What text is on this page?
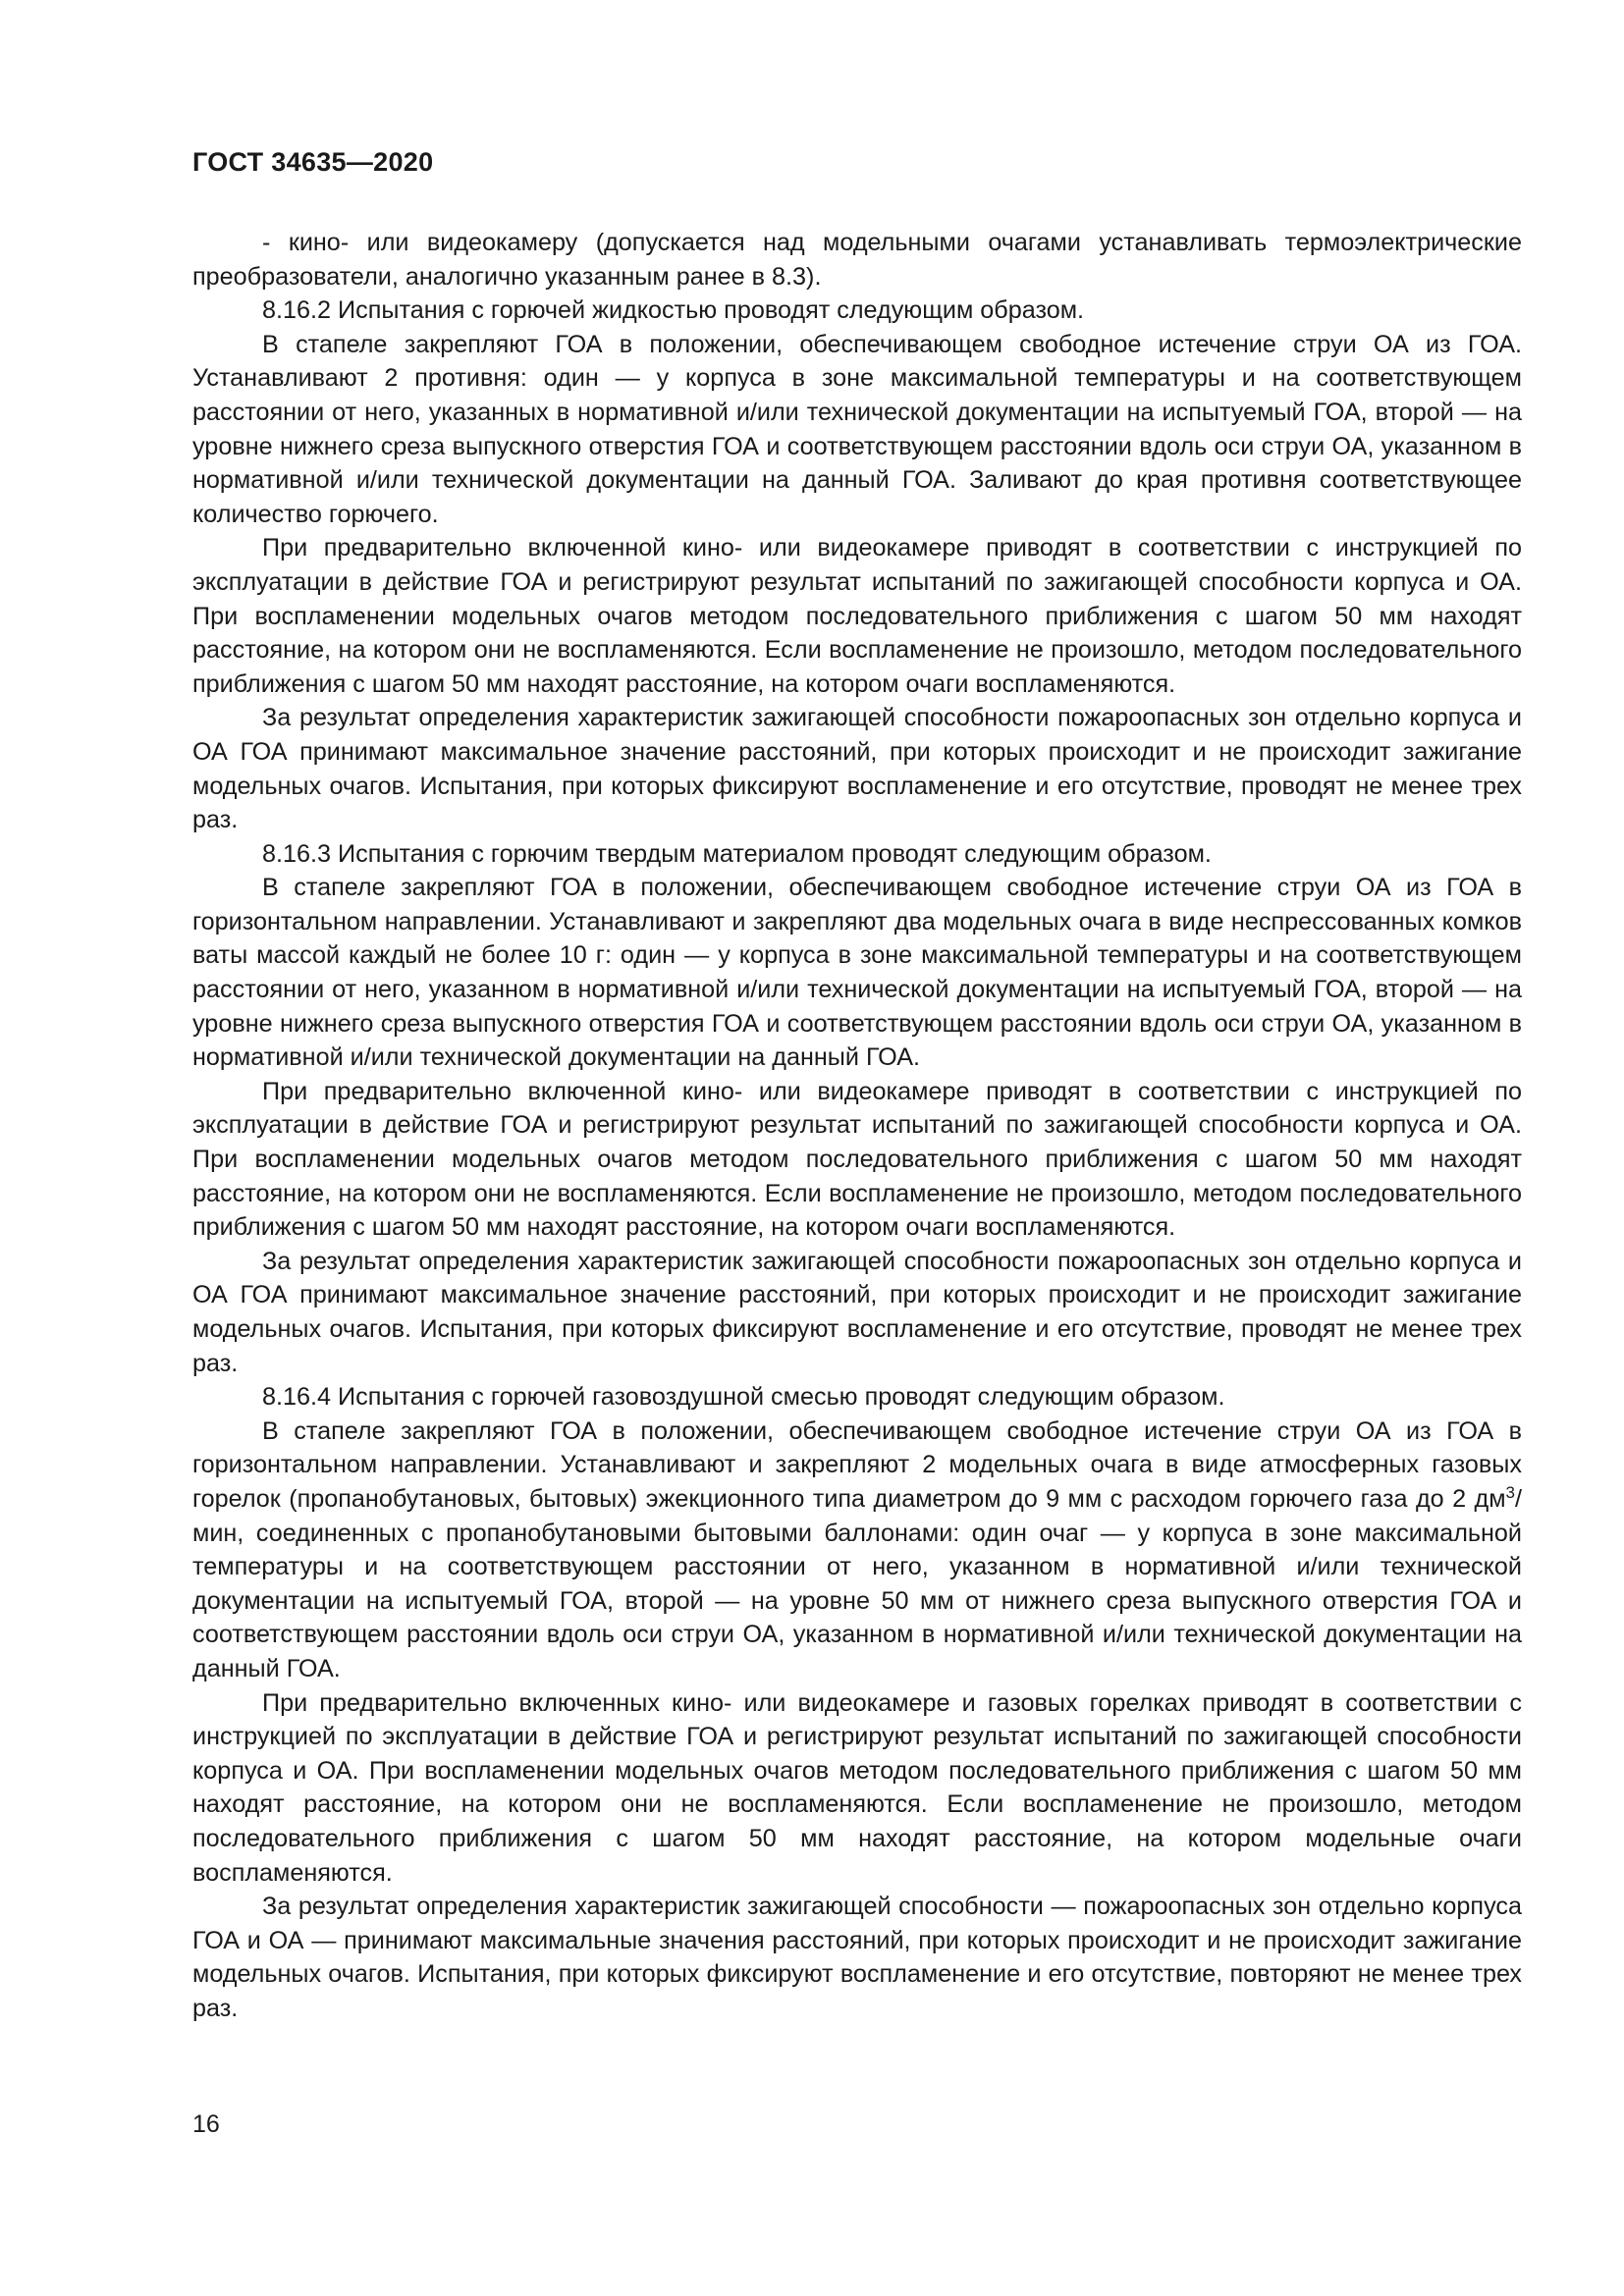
ГОСТ 34635—2020

- кино- или видеокамеру (допускается над модельными очагами устанавливать термоэлектрические преобразователи, аналогично указанным ранее в 8.3).

8.16.2 Испытания с горючей жидкостью проводят следующим образом.

В стапеле закрепляют ГОА в положении, обеспечивающем свободное истечение струи ОА из ГОА. Устанавливают 2 противня: один — у корпуса в зоне максимальной температуры и на соответствующем расстоянии от него, указанных в нормативной и/или технической документации на испытуемый ГОА, второй — на уровне нижнего среза выпускного отверстия ГОА и соответствующем расстоянии вдоль оси струи ОА, указанном в нормативной и/или технической документации на данный ГОА. Заливают до края противня соответствующее количество горючего.

При предварительно включенной кино- или видеокамере приводят в соответствии с инструкцией по эксплуатации в действие ГОА и регистрируют результат испытаний по зажигающей способности корпуса и ОА. При воспламенении модельных очагов методом последовательного приближения с шагом 50 мм находят расстояние, на котором они не воспламеняются. Если воспламенение не произошло, методом последовательного приближения с шагом 50 мм находят расстояние, на котором очаги воспламеняются.

За результат определения характеристик зажигающей способности пожароопасных зон отдельно корпуса и ОА ГОА принимают максимальное значение расстояний, при которых происходит и не происходит зажигание модельных очагов. Испытания, при которых фиксируют воспламенение и его отсутствие, проводят не менее трех раз.

8.16.3 Испытания с горючим твердым материалом проводят следующим образом.

В стапеле закрепляют ГОА в положении, обеспечивающем свободное истечение струи ОА из ГОА в горизонтальном направлении. Устанавливают и закрепляют два модельных очага в виде неспрессованных комков ваты массой каждый не более 10 г: один — у корпуса в зоне максимальной температуры и на соответствующем расстоянии от него, указанном в нормативной и/или технической документации на испытуемый ГОА, второй — на уровне нижнего среза выпускного отверстия ГОА и соответствующем расстоянии вдоль оси струи ОА, указанном в нормативной и/или технической документации на данный ГОА.

При предварительно включенной кино- или видеокамере приводят в соответствии с инструкцией по эксплуатации в действие ГОА и регистрируют результат испытаний по зажигающей способности корпуса и ОА. При воспламенении модельных очагов методом последовательного приближения с шагом 50 мм находят расстояние, на котором они не воспламеняются. Если воспламенение не произошло, методом последовательного приближения с шагом 50 мм находят расстояние, на котором очаги воспламеняются.

За результат определения характеристик зажигающей способности пожароопасных зон отдельно корпуса и ОА ГОА принимают максимальное значение расстояний, при которых происходит и не происходит зажигание модельных очагов. Испытания, при которых фиксируют воспламенение и его отсутствие, проводят не менее трех раз.

8.16.4 Испытания с горючей газовоздушной смесью проводят следующим образом.

В стапеле закрепляют ГОА в положении, обеспечивающем свободное истечение струи ОА из ГОА в горизонтальном направлении. Устанавливают и закрепляют 2 модельных очага в виде атмосферных газовых горелок (пропанобутановых, бытовых) эжекционного типа диаметром до 9 мм с расходом горючего газа до 2 $дм^3$/мин, соединенных с пропанобутановыми бытовыми баллонами: один очаг — у корпуса в зоне максимальной температуры и на соответствующем расстоянии от него, указанном в нормативной и/или технической документации на испытуемый ГОА, второй — на уровне 50 мм от нижнего среза выпускного отверстия ГОА и соответствующем расстоянии вдоль оси струи ОА, указанном в нормативной и/или технической документации на данный ГОА.

При предварительно включенных кино- или видеокамере и газовых горелках приводят в соответствии с инструкцией по эксплуатации в действие ГОА и регистрируют результат испытаний по зажигающей способности корпуса и ОА. При воспламенении модельных очагов методом последовательного приближения с шагом 50 мм находят расстояние, на котором они не воспламеняются. Если воспламенение не произошло, методом последовательного приближения с шагом 50 мм находят расстояние, на котором модельные очаги воспламеняются.

За результат определения характеристик зажигающей способности — пожароопасных зон отдельно корпуса ГОА и ОА — принимают максимальные значения расстояний, при которых происходит и не происходит зажигание модельных очагов. Испытания, при которых фиксируют воспламенение и его отсутствие, повторяют не менее трех раз.

16
